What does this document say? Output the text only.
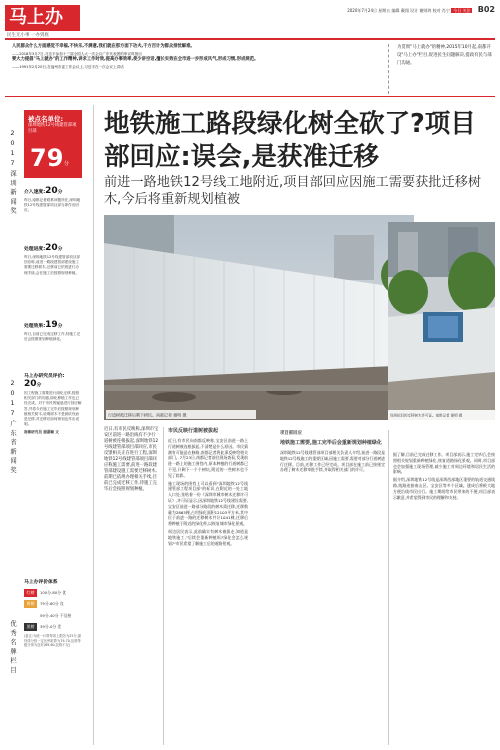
马上办
民生无小事 一办到底
2020年7月24日 星期五 编辑 戴翔 设计 谢财鸿 校对 肖宁 今日 关注 B02
人民群众什么方面感觉不幸福,不快乐,不满意,我们就在那方面下功夫,千方百计为群众排忧解难。
——2018年3月7日,习近平参加十三届全国人大一次会议广东代表团的审议时指出
要大力提倡"马上就办"的工作精神,讲求工作时效,提高办事效率,使少讲空话,擅长实效在全市进一步形成风气,形成习惯,形成规范。
——1991年2月20日,在福州市委工作会议上,习近平在一次会议上讲话
为贯彻"马上就办"的精神,2015年10月起,南都开设"马上办"栏目,促进民生问题解决,提政有民与部门沟通。
2017深圳新闻奖
2017广东省新闻奖
优秀名牌栏目
被点名单位:
深圳地铁12号线建管部项目部
79 分
介入速度:20分
昨日,南都记者联系问题所在,深圳地铁12号线建管部项目部当即作出回应。
处理进度:20分
昨日,深圳地铁12号线建管部项目部回应称,前进一路段建管部建设施工需要迁移树木,迁移前已依规进行办理手续,会在施工后按照规划种植。
处理效果:19分
昨日,目前已完成迁移工作,待施工完后会按照规划种植绿化。
马上办研究员评价:
20分
因工程施工需要进行绿化迁移,按照相关部门的同意,绿化移植工作也已经完成。对于市民的疑惑进行回应解答,并将今后施工完毕后按照规划种植相关树木,说明树木不是被砍伐而是迁移,对迁移后如何规划也作出说明。
南都研究员 谢嘉颖 文
马上办评价体系
红榜	100分-80分 优
黄榜	79分-60分 良
59分-40分 不及格
黑榜	39分-0分 差
(备注:为统一计算每项上限各为25分,最终得分按一定比例折算为79-70,及格等级分别为良好(69-60,及格不足)
地铁施工路段绿化树全砍了?项目部回应:误会,是获准迁移
前进一路地铁12号线工地附近,项目部回应因施工需要获批迁移树木,今后将重新规划植被
行道树被迁移后剩下树坑。南都记者 谢明 摄	现场依旧的迁移树木许可证。南都记者 谢明 摄
近日,有市民反映称,深圳市宝安区前进一路沿线有不少行道树被连根拔起,深圳地铁12号线建管部项目部回应,市民反馈相关正在进行工程,深圳地铁12号线建管部项目部回应称施工需要,前进一路段建管部建设施工需要迁移树木,前期已依规办理相关手续,目前已完成迁移工作,待施工完毕后会按照规划种植。
市民反映行道树被拔起
近日,有市民向南都反映称,宝安区前进一路上行道树被连根拔起,不清楚是什么原因。市民猜测有可能是在修路,南都记者将此事反映给相关部门。7月23日,南都记者前往现场查看,发现前进一路上的施工围挡内,原本种植的行道树都已不见,只剩下一个个树坑,附近的一些树木也不见了踪影。
施工现场的围挡上可以看到"深圳地铁12号线建管部工程项目部"的标识,在附近的一处工地入口处,张贴着一份《深圳市城市树木迁移许可证》,许可证显示,因深圳地铁12号线建设需要,宝安区前进一路部分路段的树木需迁移,迁移数量为2863棵,占用绿化面积12103平方米,其中位于前进一路的迁移树木共计1041棵,迁移后将种植于附近的绿化带,以恢复城市绿化景观。
周边居民表示,此前确实有树木被拔走,知道是地铁施工,"后续会重新种植吗?绿化会怎么规划?"市民希望了解施工后的道路景观。
项目部回应
地铁施工需要,施工完毕后会重新规划种植绿化
深圳地铁12号线建管部项目部相关负责人介绍,前进一路段是地铁12号线施工的重要区域,因施工需要,需要对部分行道树进行迁移。目前,迁移工作已经完成。项目部在施工前已按规定办理了树木迁移审批手续,并取得相关部门的许可。
据了解,目前已完成迁移工作。项目部表示,施工完毕后,会按照相关规划重新种植绿化,恢复道路绿化景观。同时,项目部也会加强施工现场管理,减少施工对周边环境和居民生活的影响。
据介绍,深圳地铁12号线是深圳西部地区重要的轨道交通线路,线路连接南山区、宝安区等多个区域。建成后将极大地方便沿线市民出行。施工期间给市民带来的不便,项目部表示歉意,并希望得到市民的理解和支持。
